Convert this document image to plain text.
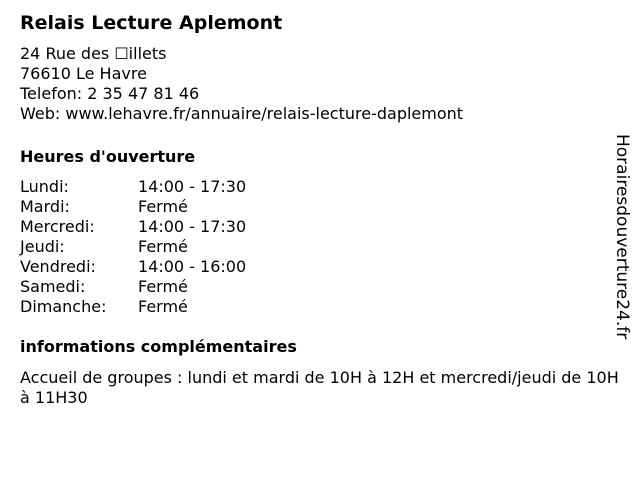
Relais Lecture Aplemont

24 Rue des ☐illets

76610 Le Havre

Telefon: 2 35 47 81 46

Web: www.lehavre.fr/annuaire/relais-lecture-daplemont

Heures d'ouverture
Lundi:	14:00 - 17:30
Mardi:	Fermé
Mercredi:	14:00 - 17:30
Jeudi:	Fermé
Vendredi:	14:00 - 16:00
Samedi:	Fermé
Dimanche:	Fermé
informations complémentaires

Accueil de groupes : lundi et mardi de 10H à 12H et mercredi/jeudi de 10H à 11H30

Horairesdouverture24.fr
